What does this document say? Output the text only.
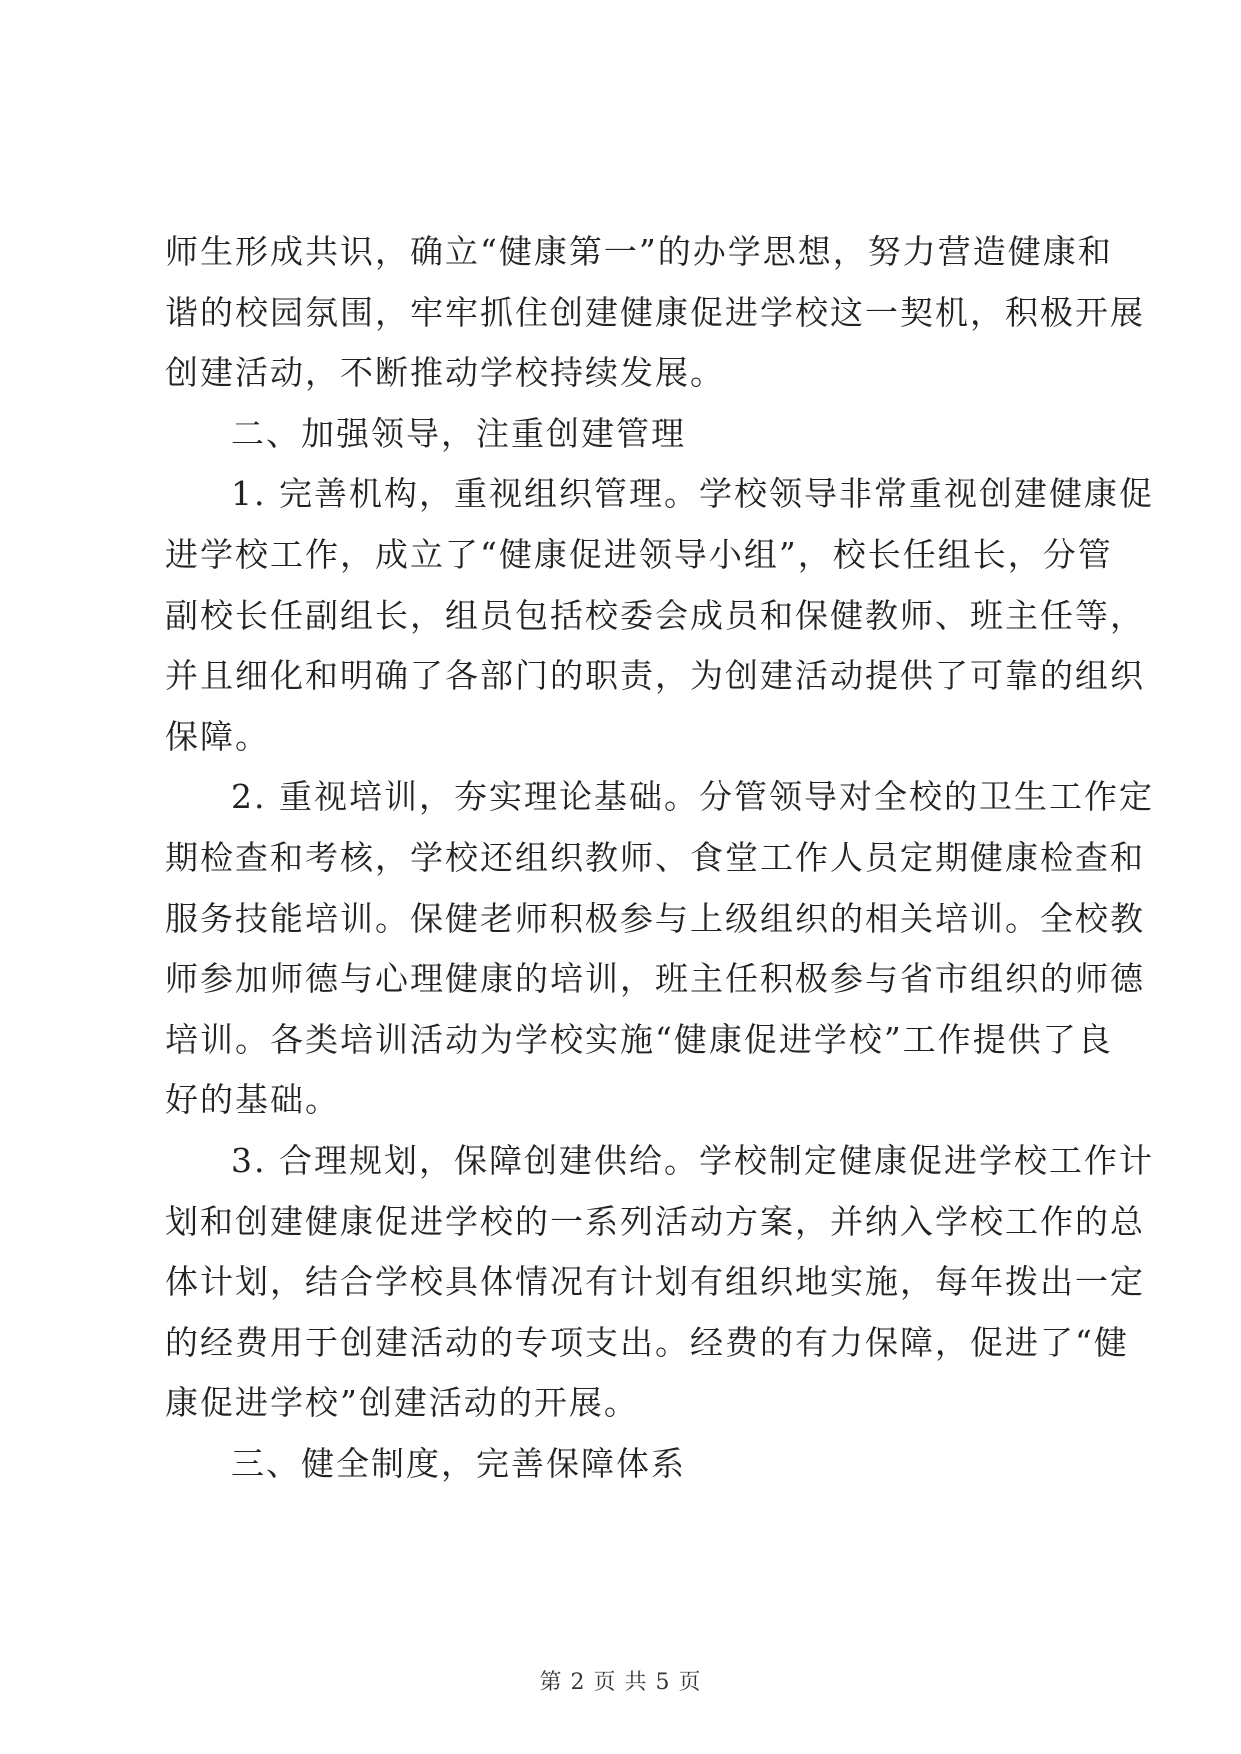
师生形成共识，确立“健康第一”的办学思想，努力营造健康和
谐的校园氛围，牢牢抓住创建健康促进学校这一契机，积极开展
创建活动，不断推动学校持续发展。
二、加强领导，注重创建管理
1. 完善机构，重视组织管理。学校领导非常重视创建健康促
进学校工作，成立了“健康促进领导小组”，校长任组长，分管
副校长任副组长，组员包括校委会成员和保健教师、班主任等，
并且细化和明确了各部门的职责，为创建活动提供了可靠的组织
保障。
2. 重视培训，夯实理论基础。分管领导对全校的卫生工作定
期检查和考核，学校还组织教师、食堂工作人员定期健康检查和
服务技能培训。保健老师积极参与上级组织的相关培训。全校教
师参加师德与心理健康的培训，班主任积极参与省市组织的师德
培训。各类培训活动为学校实施“健康促进学校”工作提供了良
好的基础。
3. 合理规划，保障创建供给。学校制定健康促进学校工作计
划和创建健康促进学校的一系列活动方案，并纳入学校工作的总
体计划，结合学校具体情况有计划有组织地实施，每年拨出一定
的经费用于创建活动的专项支出。经费的有力保障，促进了“健
康促进学校”创建活动的开展。
三、健全制度，完善保障体系
第 2 页 共 5 页
